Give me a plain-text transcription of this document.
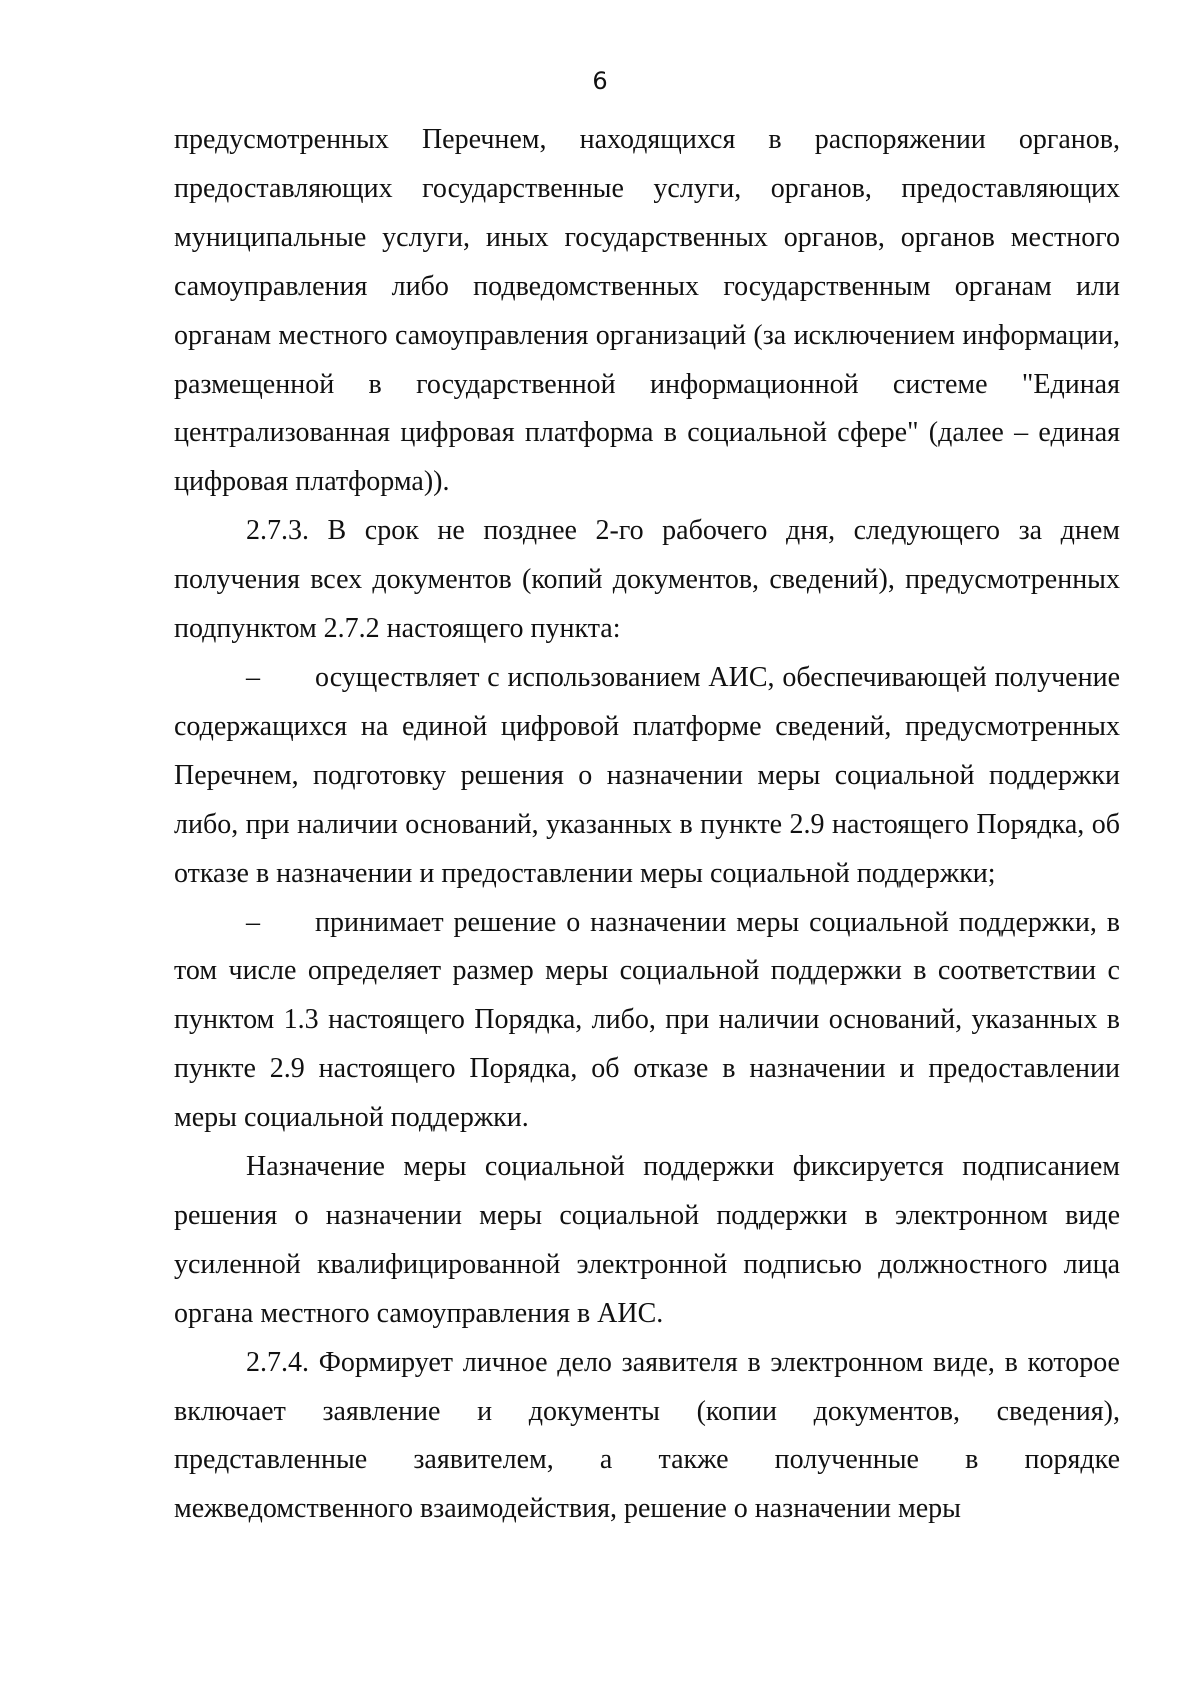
6

предусмотренных Перечнем, находящихся в распоряжении органов, предоставляющих государственные услуги, органов, предоставляющих муниципальные услуги, иных государственных органов, органов местного самоуправления либо подведомственных государственным органам или органам местного самоуправления организаций (за исключением информации, размещенной в государственной информационной системе "Единая централизованная цифровая платформа в социальной сфере" (далее – единая цифровая платформа)).

2.7.3. В срок не позднее 2-го рабочего дня, следующего за днем получения всех документов (копий документов, сведений), предусмотренных подпунктом 2.7.2 настоящего пункта:

– осуществляет с использованием АИС, обеспечивающей получение содержащихся на единой цифровой платформе сведений, предусмотренных Перечнем, подготовку решения о назначении меры социальной поддержки либо, при наличии оснований, указанных в пункте 2.9 настоящего Порядка, об отказе в назначении и предоставлении меры социальной поддержки;

– принимает решение о назначении меры социальной поддержки, в том числе определяет размер меры социальной поддержки в соответствии с пунктом 1.3 настоящего Порядка, либо, при наличии оснований, указанных в пункте 2.9 настоящего Порядка, об отказе в назначении и предоставлении меры социальной поддержки.

Назначение меры социальной поддержки фиксируется подписанием решения о назначении меры социальной поддержки в электронном виде усиленной квалифицированной электронной подписью должностного лица органа местного самоуправления в АИС.

2.7.4. Формирует личное дело заявителя в электронном виде, в которое включает заявление и документы (копии документов, сведения), представленные заявителем, а также полученные в порядке межведомственного взаимодействия, решение о назначении меры
